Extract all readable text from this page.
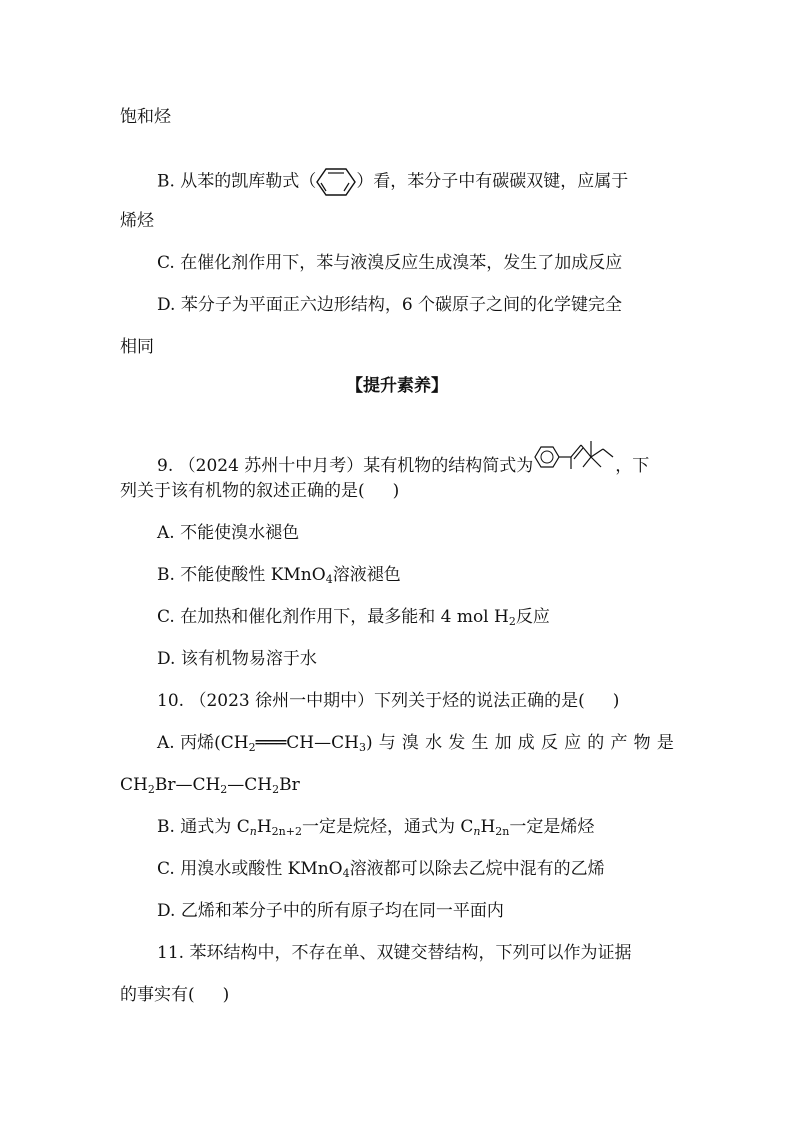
饱和烃
B. 从苯的凯库勒式（ ）看，苯分子中有碳碳双键，应属于
烯烃
C. 在催化剂作用下，苯与液溴反应生成溴苯，发生了加成反应
D. 苯分子为平面正六边形结构，6 个碳原子之间的化学键完全
相同
【提升素养】
9. （2024 苏州十中月考）某有机物的结构简式为	，下
列关于该有机物的叙述正确的是( )
A. 不能使溴水褪色
B. 不能使酸性 KMnO$_4$溶液褪色
C. 在加热和催化剂作用下，最多能和 4 mol $H_2$反应
D. 该有机物易溶于水
10. （2023 徐州一中期中）下列关于烃的说法正确的是( )
A. 丙烯$(CH_2═══CH—CH_3)$ 与 溴 水 发 生 加 成 反 应 的 产 物 是
$CH_2Br—CH_2—CH_2Br$
B. 通式为 $C_nH_{2n+2}$一定是烷烃，通式为 $C_nH_{2n}$一定是烯烃
C. 用溴水或酸性 KMnO$_4$溶液都可以除去乙烷中混有的乙烯
D. 乙烯和苯分子中的所有原子均在同一平面内
11. 苯环结构中，不存在单、双键交替结构，下列可以作为证据
的事实有( )
